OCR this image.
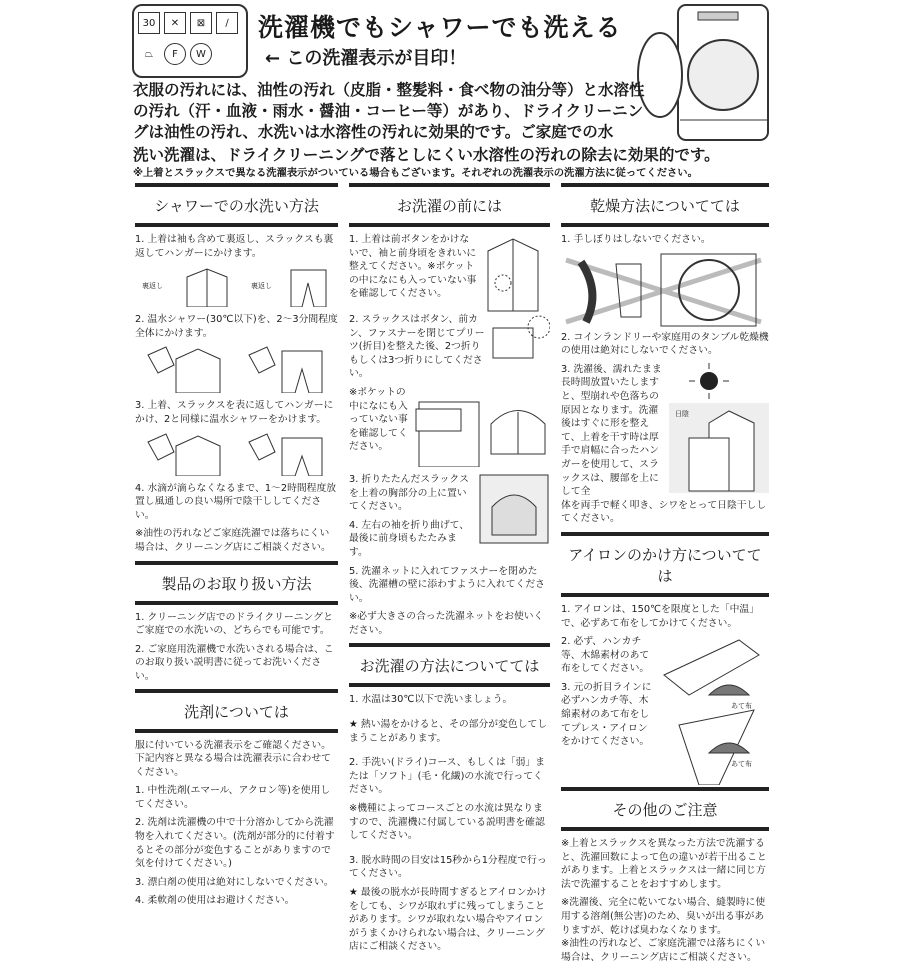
30	✕	⊠	∕
⏢	F	W
洗濯機でもシャワーでも洗える
← この洗濯表示が目印！
衣服の汚れには、油性の汚れ（皮脂・整髪料・食べ物の油分等）と水溶性の汚れ（汗・血液・雨水・醤油・コーヒー等）があり、ドライクリーニングは油性の汚れ、水洗いは水溶性の汚れに効果的です。ご家庭での水
洗い洗濯は、ドライクリーニングで落としにくい水溶性の汚れの除去に効果的です。
※上着とスラックスで異なる洗濯表示がついている場合もございます。それぞれの洗濯表示の洗濯方法に従ってください。
シャワーでの水洗い方法
1. 上着は袖も含めて裏返し、スラックスも裏返してハンガーにかけます。
裏返し	裏返し
2. 温水シャワー(30℃以下)を、2～3分間程度全体にかけます。
3. 上着、スラックスを表に返してハンガーにかけ、2と同様に温水シャワーをかけます。
4. 水滴が滴らなくなるまで、1～2時間程度放置し風通しの良い場所で陰干ししてください。
※油性の汚れなどご家庭洗濯では落ちにくい場合は、クリーニング店にご相談ください。
製品のお取り扱い方法
1. クリーニング店でのドライクリーニングとご家庭での水洗いの、どちらでも可能です。
2. ご家庭用洗濯機で水洗いされる場合は、このお取り扱い説明書に従ってお洗いください。
洗剤については
服に付いている洗濯表示をご確認ください。下記内容と異なる場合は洗濯表示に合わせてください。
1. 中性洗剤(エマール、アクロン等)を使用してください。
2. 洗剤は洗濯機の中で十分溶かしてから洗濯物を入れてください。(洗剤が部分的に付着するとその部分が変色することがありますので気を付けてください。)
3. 漂白剤の使用は絶対にしないでください。
4. 柔軟剤の使用はお避けください。
お洗濯の前には
1. 上着は前ボタンをかけないで、袖と前身頃をきれいに整えてください。※ポケットの中になにも入っていない事を確認してください。
2. スラックスはボタン、前カン、ファスナーを閉じてプリーツ(折目)を整えた後、2つ折りもしくは3つ折りにしてください。
※ポケットの中になにも入っていない事を確認してください。
3. 折りたたんだスラックスを上着の胸部分の上に置いてください。
4. 左右の袖を折り曲げて、最後に前身頃もたたみます。
5. 洗濯ネットに入れてファスナーを閉めた後、洗濯槽の壁に添わすように入れてください。
※必ず大きさの合った洗濯ネットをお使いください。
お洗濯の方法についてては
1. 水温は30℃以下で洗いましょう。
★ 熱い湯をかけると、その部分が変色してしまうことがあります。
2. 手洗い(ドライ)コース、もしくは「弱」または「ソフト」(毛・化繊)の水流で行ってください。
※機種によってコースごとの水流は異なりますので、洗濯機に付属している説明書を確認してください。
3. 脱水時間の目安は15秒から1分程度で行ってください。
★ 最後の脱水が長時間すぎるとアイロンかけをしても、シワが取れずに残ってしまうことがあります。シワが取れない場合やアイロンがうまくかけられない場合は、クリーニング店にご相談ください。
乾燥方法についてては
1. 手しぼりはしないでください。
2. コインランドリーや家庭用のタンブル乾燥機の使用は絶対にしないでください。
3. 洗濯後、濡れたまま長時間放置いたしますと、型崩れや色落ちの原因となります。洗濯後はすぐに形を整えて、上着を干す時は厚手で肩幅に合ったハンガーを使用して、スラックスは、腰部を上にして全
日陰
体を両手で軽く叩き、シワをとって日陰干ししてください。
アイロンのかけ方についてては
1. アイロンは、150℃を限度とした「中温」で、必ずあて布をしてかけてください。
2. 必ず、ハンカチ等、木綿素材のあて布をしてください。
3. 元の折目ラインに必ずハンカチ等、木綿素材のあて布をしてプレス・アイロンをかけてください。
あて布
あて布
その他のご注意
※上着とスラックスを異なった方法で洗濯すると、洗濯回数によって色の違いが若干出ることがあります。上着とスラックスは一緒に同じ方法で洗濯することをおすすめします。
※洗濯後、完全に乾いてない場合、縫製時に使用する溶剤(無公害)のため、臭いが出る事がありますが、乾けば臭わなくなります。
※油性の汚れなど、ご家庭洗濯では落ちにくい場合は、クリーニング店にご相談ください。
